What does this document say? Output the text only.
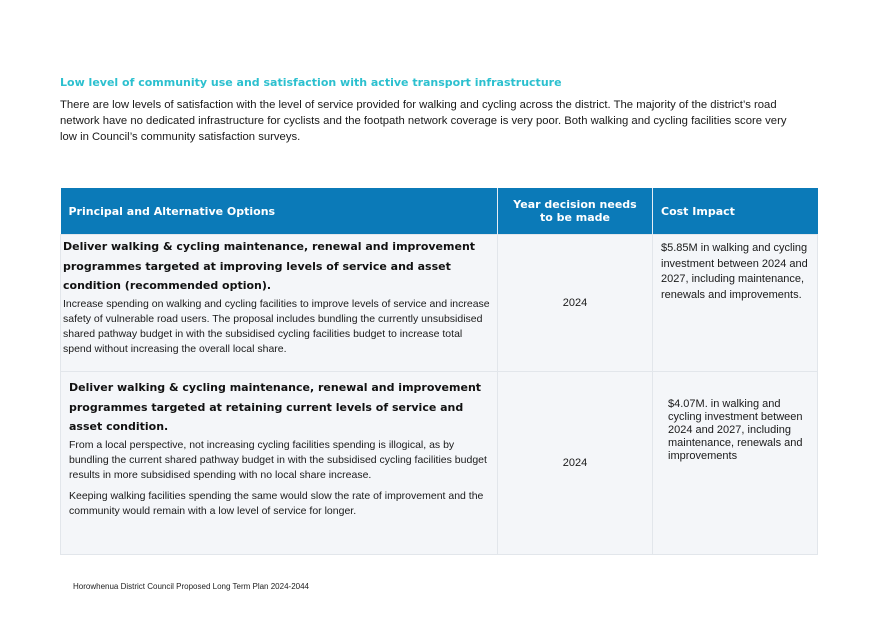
Low level of community use and satisfaction with active transport infrastructure

There are low levels of satisfaction with the level of service provided for walking and cycling across the district. The majority of the district’s road network have no dedicated infrastructure for cyclists and the footpath network coverage is very poor. Both walking and cycling facilities score very low in Council’s community satisfaction surveys.

Principal and Alternative Options	Year decision needs to be made	Cost Impact

Deliver walking & cycling maintenance, renewal and improvement programmes targeted at improving levels of service and asset condition (recommended option).

Increase spending on walking and cycling facilities to improve levels of service and increase safety of vulnerable road users. The proposal includes bundling the currently unsubsidised shared pathway budget in with the subsidised cycling facilities budget to increase total spend without increasing the overall local share.	2024	$5.85M in walking and cycling investment between 2024 and 2027, including maintenance, renewals and improvements.

Deliver walking & cycling maintenance, renewal and improvement programmes targeted at retaining current levels of service and asset condition.

From a local perspective, not increasing cycling facilities spending is illogical, as by bundling the current shared pathway budget in with the subsidised cycling facilities budget results in more subsidised spending with no local share increase.

Keeping walking facilities spending the same would slow the rate of improvement and the community would remain with a low level of service for longer.	2024	$4.07M. in walking and cycling investment between 2024 and 2027, including maintenance, renewals and improvements

Horowhenua District Council Proposed Long Term Plan 2024-2044
